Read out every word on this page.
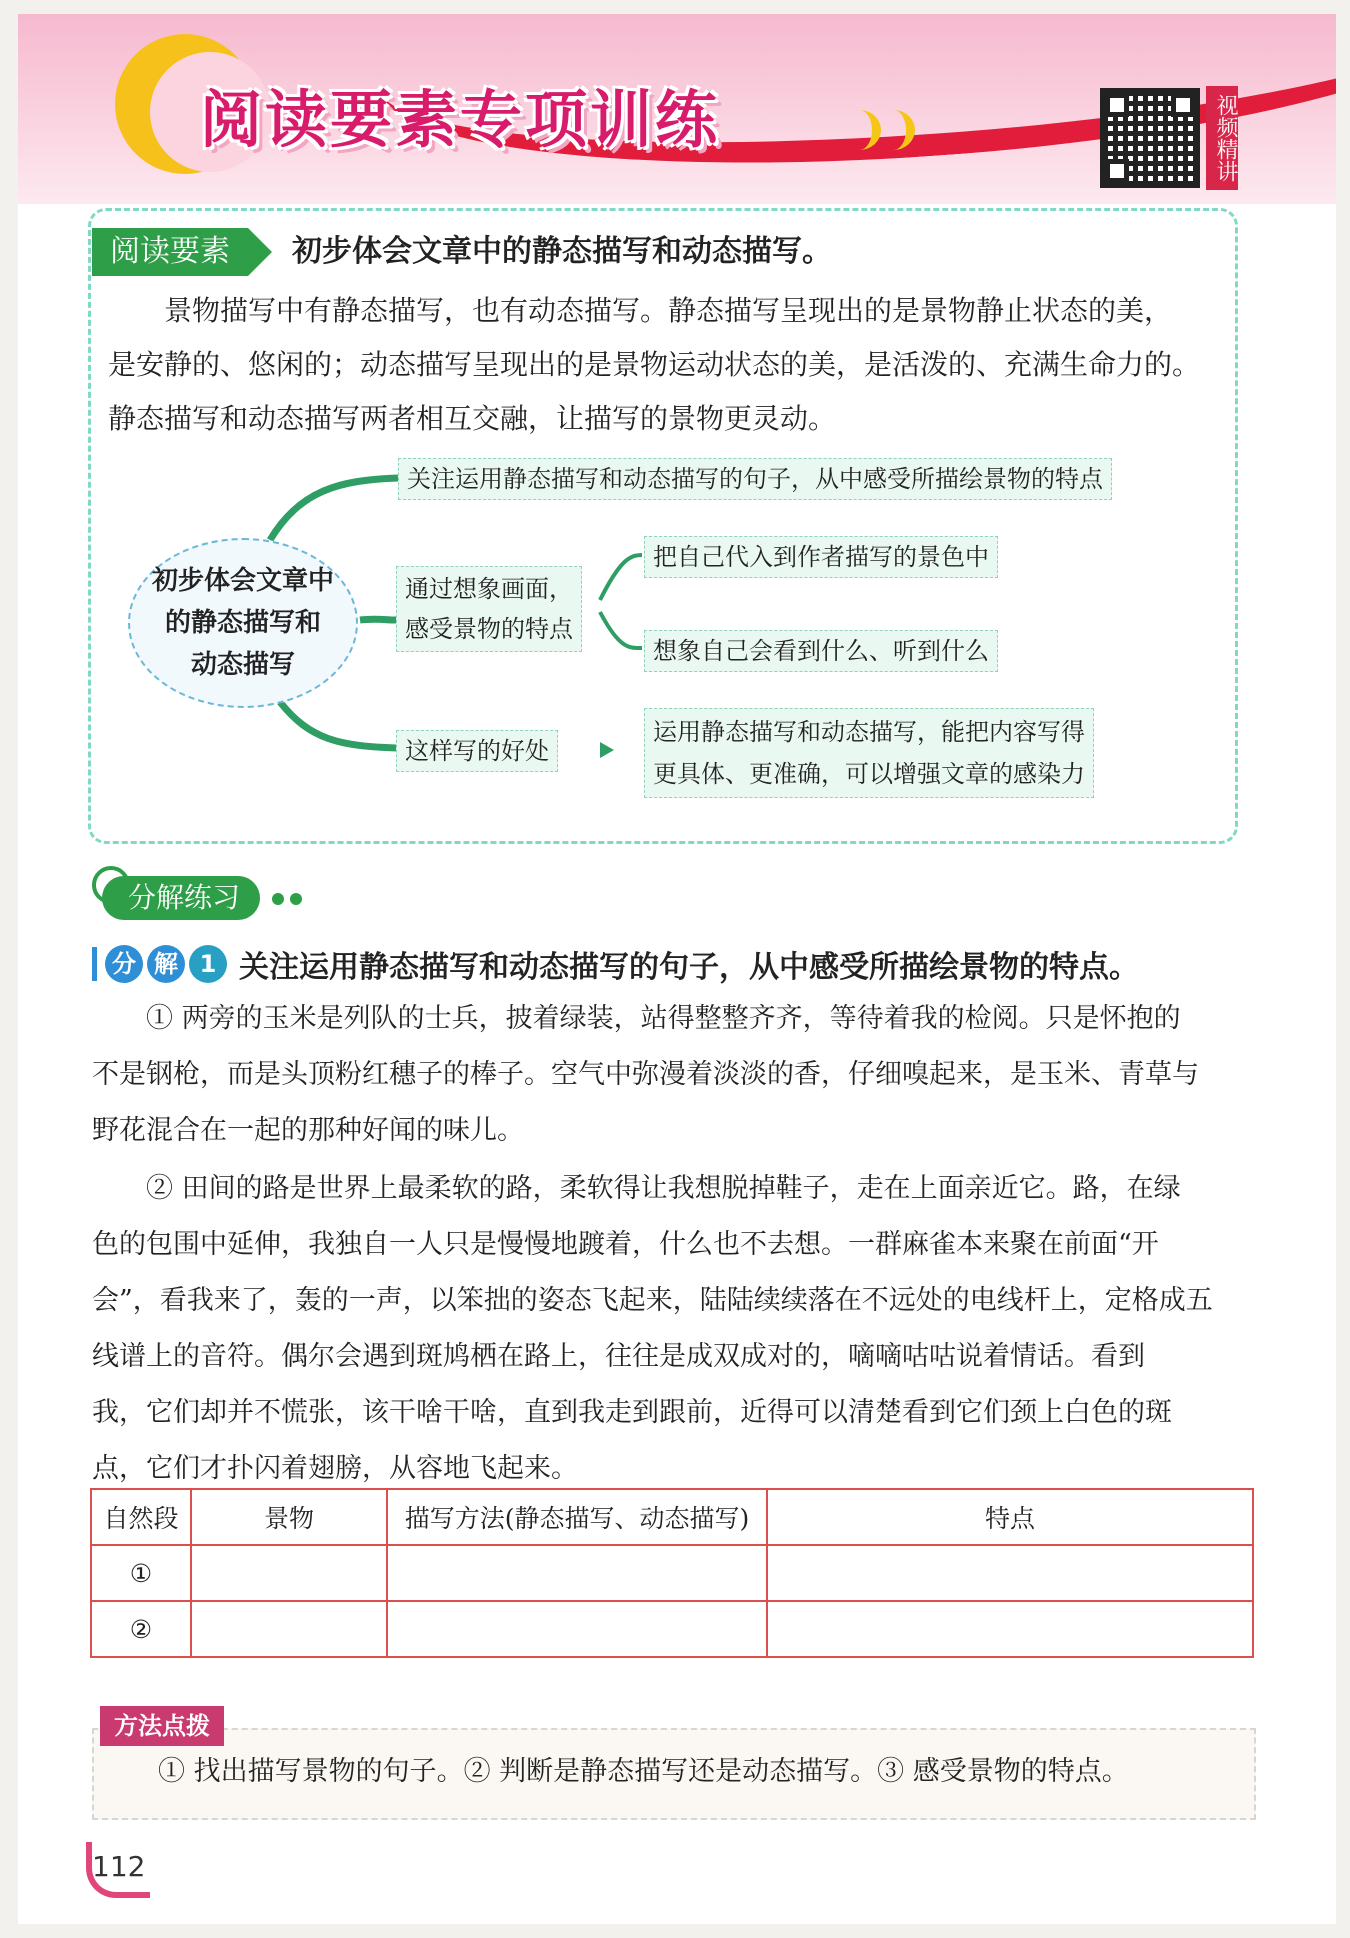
阅读要素专项训练	视频精讲
阅读要素	初步体会文章中的静态描写和动态描写。

景物描写中有静态描写，也有动态描写。静态描写呈现出的是景物静止状态的美，

是安静的、悠闲的；动态描写呈现出的是景物运动状态的美，是活泼的、充满生命力的。

静态描写和动态描写两者相互交融，让描写的景物更灵动。

初步体会文章中
的静态描写和
动态描写
关注运用静态描写和动态描写的句子，从中感受所描绘景物的特点
通过想象画面，
感受景物的特点
把自己代入到作者描写的景色中
想象自己会看到什么、听到什么
这样写的好处
运用静态描写和动态描写，能把内容写得
更具体、更准确，可以增强文章的感染力
分解练习
分 解 1 关注运用静态描写和动态描写的句子，从中感受所描绘景物的特点。

① 两旁的玉米是列队的士兵，披着绿装，站得整整齐齐，等待着我的检阅。只是怀抱的

不是钢枪，而是头顶粉红穗子的棒子。空气中弥漫着淡淡的香，仔细嗅起来，是玉米、青草与

野花混合在一起的那种好闻的味儿。

② 田间的路是世界上最柔软的路，柔软得让我想脱掉鞋子，走在上面亲近它。路，在绿

色的包围中延伸，我独自一人只是慢慢地踱着，什么也不去想。一群麻雀本来聚在前面“开

会”，看我来了，轰的一声，以笨拙的姿态飞起来，陆陆续续落在不远处的电线杆上，定格成五

线谱上的音符。偶尔会遇到斑鸠栖在路上，往往是成双成对的，嘀嘀咕咕说着情话。看到

我，它们却并不慌张，该干啥干啥，直到我走到跟前，近得可以清楚看到它们颈上白色的斑

点，它们才扑闪着翅膀，从容地飞起来。

自然段	景物	描写方法(静态描写、动态描写)	特点
①			
②			
方法点拨
① 找出描写景物的句子。② 判断是静态描写还是动态描写。③ 感受景物的特点。
112
